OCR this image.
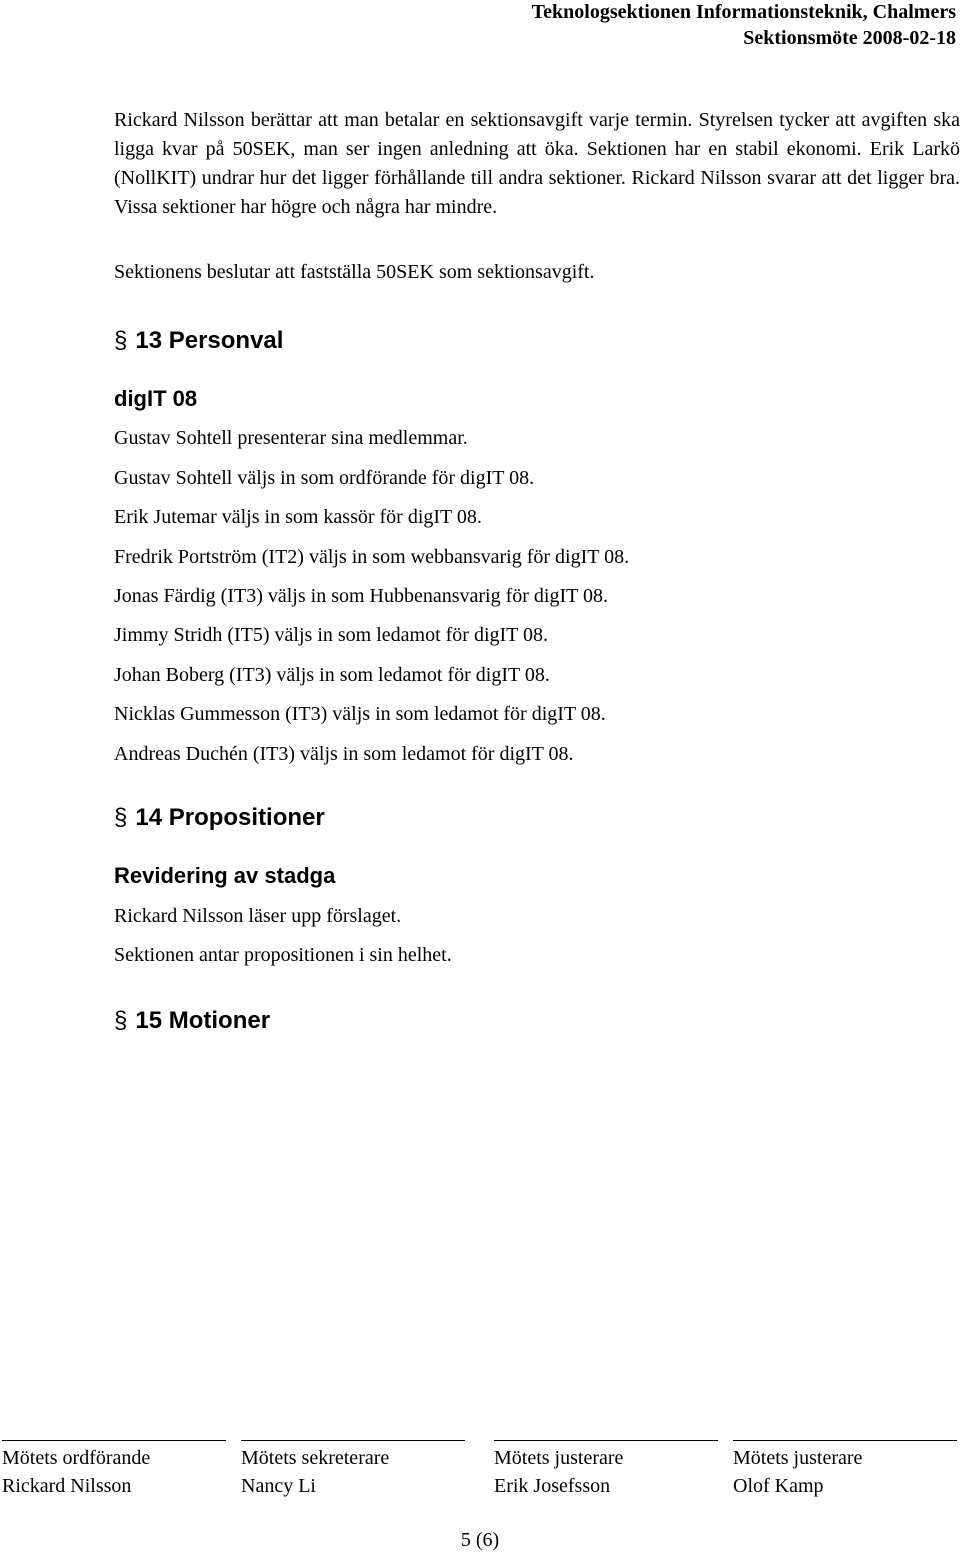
Teknologsektionen Informationsteknik, Chalmers
Sektionsmöte 2008-02-18
Rickard Nilsson berättar att man betalar en sektionsavgift varje termin. Styrelsen tycker att avgiften ska ligga kvar på 50SEK, man ser ingen anledning att öka. Sektionen har en stabil ekonomi. Erik Larkö (NollKIT) undrar hur det ligger förhållande till andra sektioner. Rickard Nilsson svarar att det ligger bra. Vissa sektioner har högre och några har mindre.
Sektionens beslutar att fastställa 50SEK som sektionsavgift.
§ 13 Personval
digIT 08
Gustav Sohtell presenterar sina medlemmar.
Gustav Sohtell väljs in som ordförande för digIT 08.
Erik Jutemar väljs in som kassör för digIT 08.
Fredrik Portström (IT2) väljs in som webbansvarig för digIT 08.
Jonas Färdig (IT3) väljs in som Hubbenansvarig för digIT 08.
Jimmy Stridh (IT5) väljs in som ledamot för digIT 08.
Johan Boberg (IT3) väljs in som ledamot för digIT 08.
Nicklas Gummesson (IT3) väljs in som ledamot för digIT 08.
Andreas Duchén (IT3) väljs in som ledamot för digIT 08.
§ 14 Propositioner
Revidering av stadga
Rickard Nilsson läser upp förslaget.
Sektionen antar propositionen i sin helhet.
§ 15 Motioner
Mötets ordförande
Rickard Nilsson
Mötets sekreterare
Nancy Li
Mötets justerare
Erik Josefsson
Mötets justerare
Olof Kamp
5 (6)
